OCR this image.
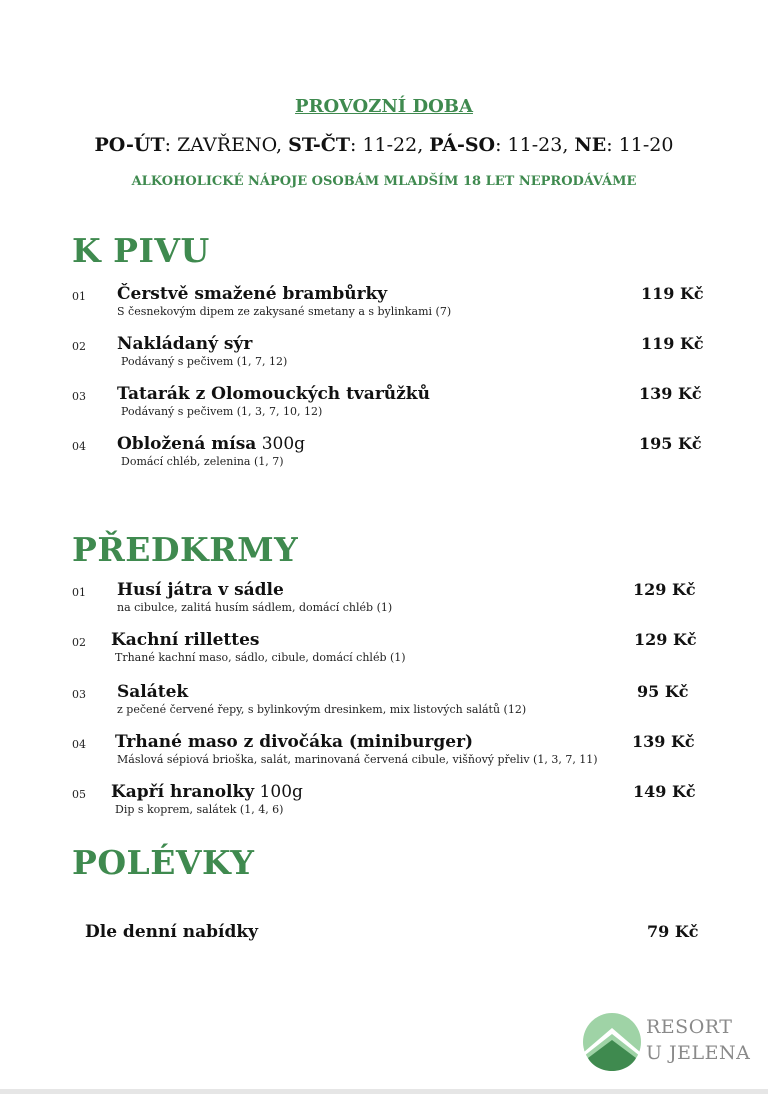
PROVOZNÍ DOBA
PO-ÚT: ZAVŘENO, ST-ČT: 11-22, PÁ-SO: 11-23, NE: 11-20
ALKOHOLICKÉ NÁPOJE OSOBÁM MLADŠÍM 18 LET NEPRODÁVÁME
K PIVU
01 Čerstvě smažené brambůrky
S česnekovým dipem ze zakysané smetany a s bylinkami (7)
119 Kč
02 Nakládaný sýr
Podávaný s pečivem (1, 7, 12)
119 Kč
03 Tatarák z Olomouckých tvarůžků
Podávaný s pečivem (1, 3, 7, 10, 12)
139 Kč
04 Obložená mísa 300g
Domácí chléb, zelenina (1, 7)
195 Kč
PŘEDKRMY
01 Husí játra v sádle
na cibulce, zalitá husím sádlem, domácí chléb (1)
129 Kč
02 Kachní rillettes
Trhané kachní maso, sádlo, cibule, domácí chléb (1)
129 Kč
03 Salátek
z pečené červené řepy, s bylinkovým dresinkem, mix listových salátů (12)
95 Kč
04 Trhané maso z divočáka (miniburger)
Máslová sépiová brioška, salát, marinovaná červená cibule, višňový přeliv (1, 3, 7, 11)
139 Kč
05 Kapří hranolky 100g
Dip s koprem, salátek (1, 4, 6)
149 Kč
POLÉVKY
Dle denní nabídky	79 Kč
RESORT
U JELENA
